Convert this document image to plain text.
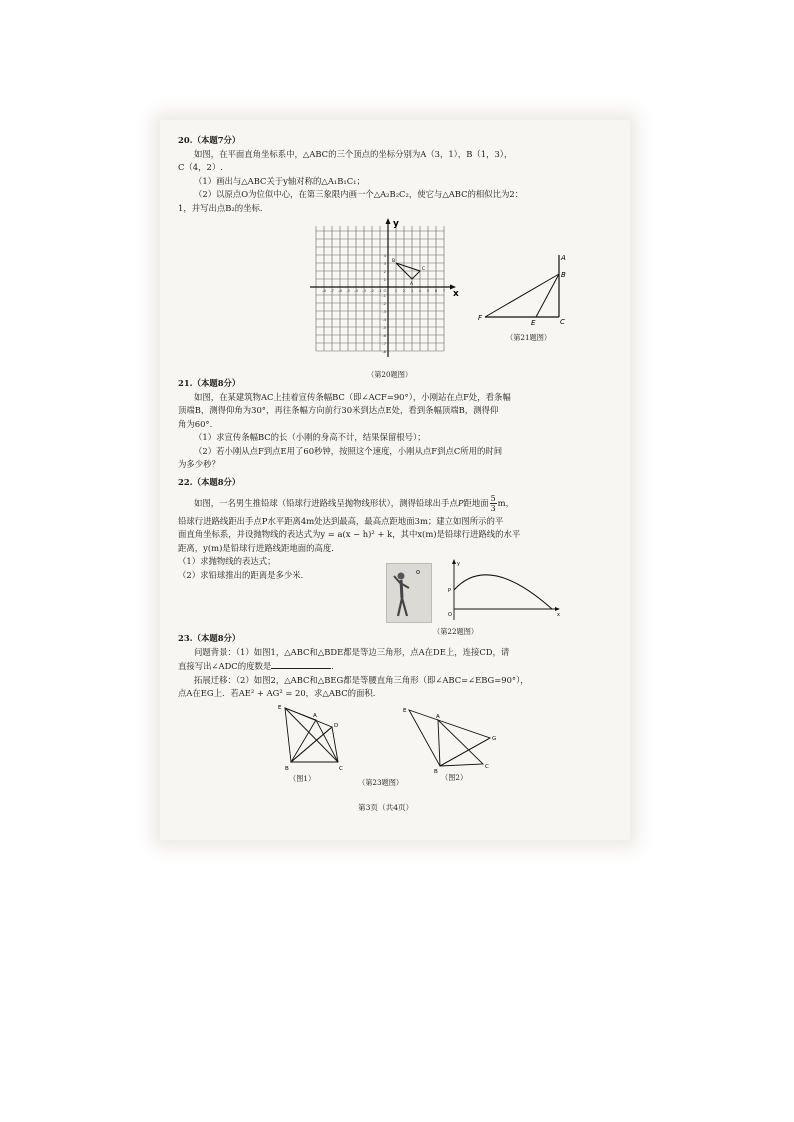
20.（本题7分）
如图，在平面直角坐标系中，△ABC的三个顶点的坐标分别为A（3，1），B（1，3），
C（4，2）.
（1）画出与△ABC关于y轴对称的△A₁B₁C₁；
（2）以原点O为位似中心，在第三象限内画一个△A₂B₂C₂，使它与△ABC的相似比为2：
1，并写出点B₂的坐标.
x
y
-8 -7 -6 -5 -4 -3 -2 -1 O 1 2 3 4 5 6 7
4
3
2
1
-1
-2
-3
-4
-5
-6
-7
-8
A
B
C
（第20题图）
A
B
C
E
F
（第21题图）
21.（本题8分）
如图，在某建筑物AC上挂着宣传条幅BC（即∠ACF=90°），小刚站在点F处，看条幅
顶端B，测得仰角为30°，再往条幅方向前行30米到达点E处，看到条幅顶端B，测得仰
角为60°.
（1）求宣传条幅BC的长（小刚的身高不计，结果保留根号）；
（2）若小刚从点F到点E用了60秒钟，按照这个速度，小刚从点F到点C所用的时间
为多少秒？
22.（本题8分）
如图，一名男生推铅球（铅球行进路线呈抛物线形状），测得铅球出手点P距地面 $\frac{5}{3}$ m，
铅球行进路线距出手点P水平距离4m处达到最高，最高点距地面3m；建立如图所示的平
面直角坐标系，并设抛物线的表达式为y = a(x − h)² + k，其中x(m)是铅球行进路线的水平
距离，y(m)是铅球行进路线距地面的高度.
（1）求抛物线的表达式；
（2）求铅球推出的距离是多少米.
y
x
P
O
（第22题图）
23.（本题8分）
问题背景：（1）如图1，△ABC和△BDE都是等边三角形，点A在DE上，连接CD，请
直接写出∠ADC的度数是	.
拓展迁移：（2）如图2，△ABC和△BEG都是等腰直角三角形（即∠ABC=∠EBG=90°），
点A在EG上．若AE² + AG² = 20，求△ABC的面积.
E
A
D
B	C
E
A
G
B
C
（图1）	（第23题图）
（图2）
第3页（共4页）
